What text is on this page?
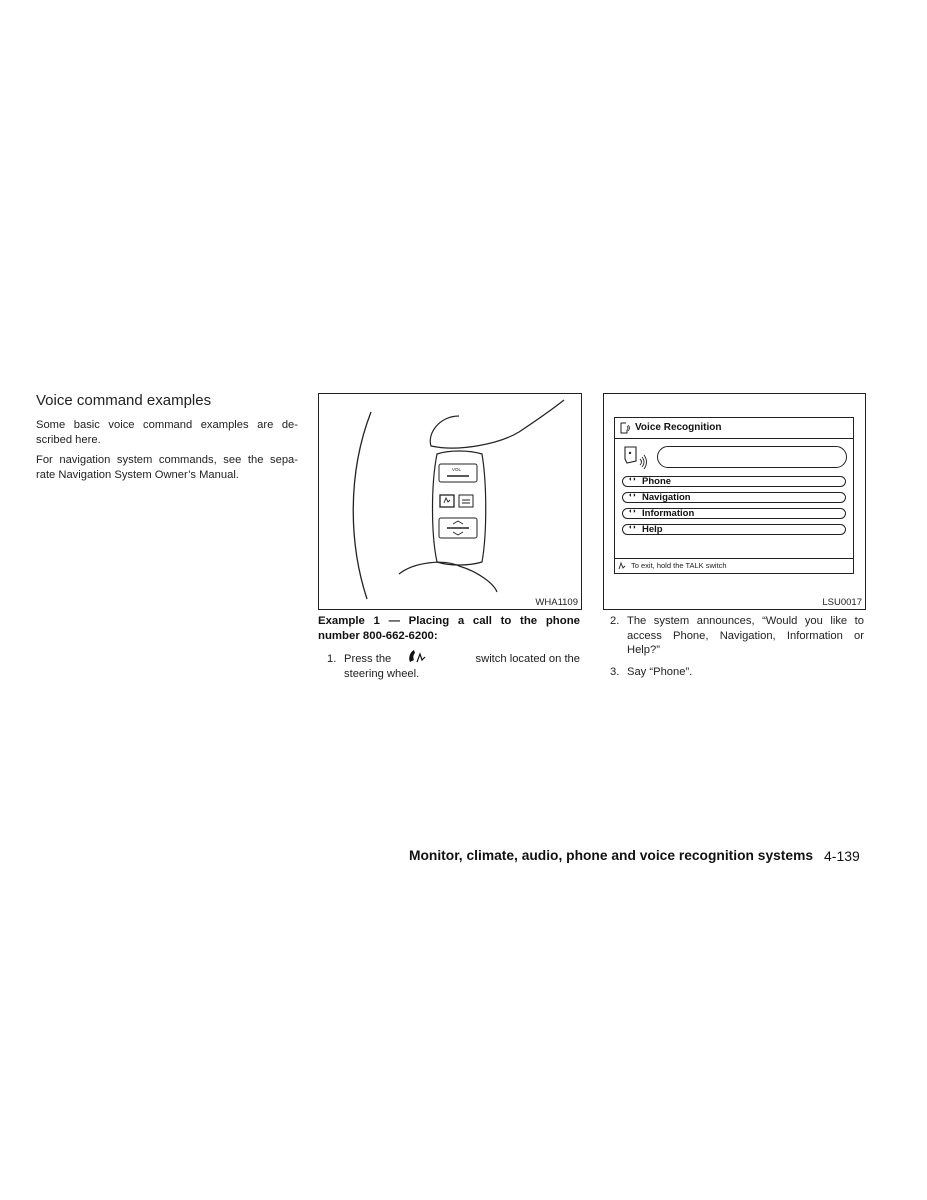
Voice command examples
Some basic voice command examples are de-
scribed here.
For navigation system commands, see the sepa-
rate Navigation System Owner’s Manual.	VOL
WHA1109
Voice Recognition
◖◗ Phone
◖◗ Navigation
◖◗ Information
◖◗ Help
To exit, hold the TALK switch
LSU0017
Example 1 — Placing a call to the phone
number 800-662-6200:
1. Press the	switch located on the
steering wheel.
2. The system announces, “Would you like to
access Phone, Navigation, Information or
Help?”
3. Say “Phone”.
Monitor, climate, audio, phone and voice recognition systems 4-139
